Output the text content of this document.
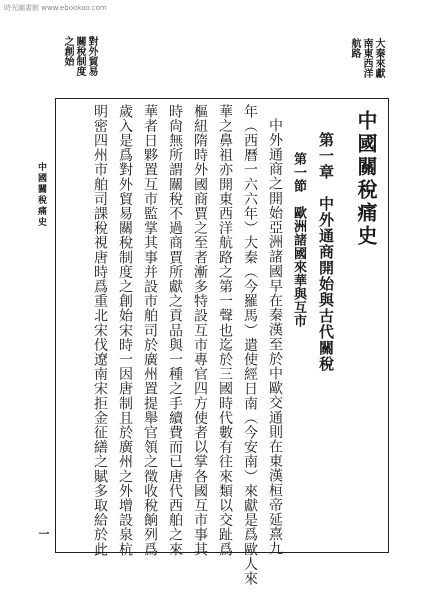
時光圖書館 www.ebookoo.com
大秦來獻
南東西洋
航路
對外貿易
關稅制度
之創始
中國關稅痛史
第一章　中外通商開始與古代關稅
第一節　歐洲諸國來華與互市
中外通商之開始亞洲諸國早在秦漢至於中歐交通則在東漢桓帝延熹九
年（西曆一六六年）大秦（今羅馬）遣使經日南（今安南）來獻是爲歐人來
華之鼻祖亦開東西洋航路之第一聲也迄於三國時代數有往來類以交趾爲
樞紐隋時外國商賈之至者漸多特設互市專官四方使者以掌各國互市事其
時尙無所謂關稅不過商賈所獻之貢品與一種之手續費而已唐代西舶之來
華者日夥置互市監掌其事并設市舶司於廣州置提舉官領之徵收稅餉列爲
歲入是爲對外貿易關稅制度之創始宋時一因唐制且於廣州之外增設泉杭
明密四州市舶司課稅視唐時爲重北宋伐遼南宋拒金征繕之賦多取給於此
中國關稅痛史
一
